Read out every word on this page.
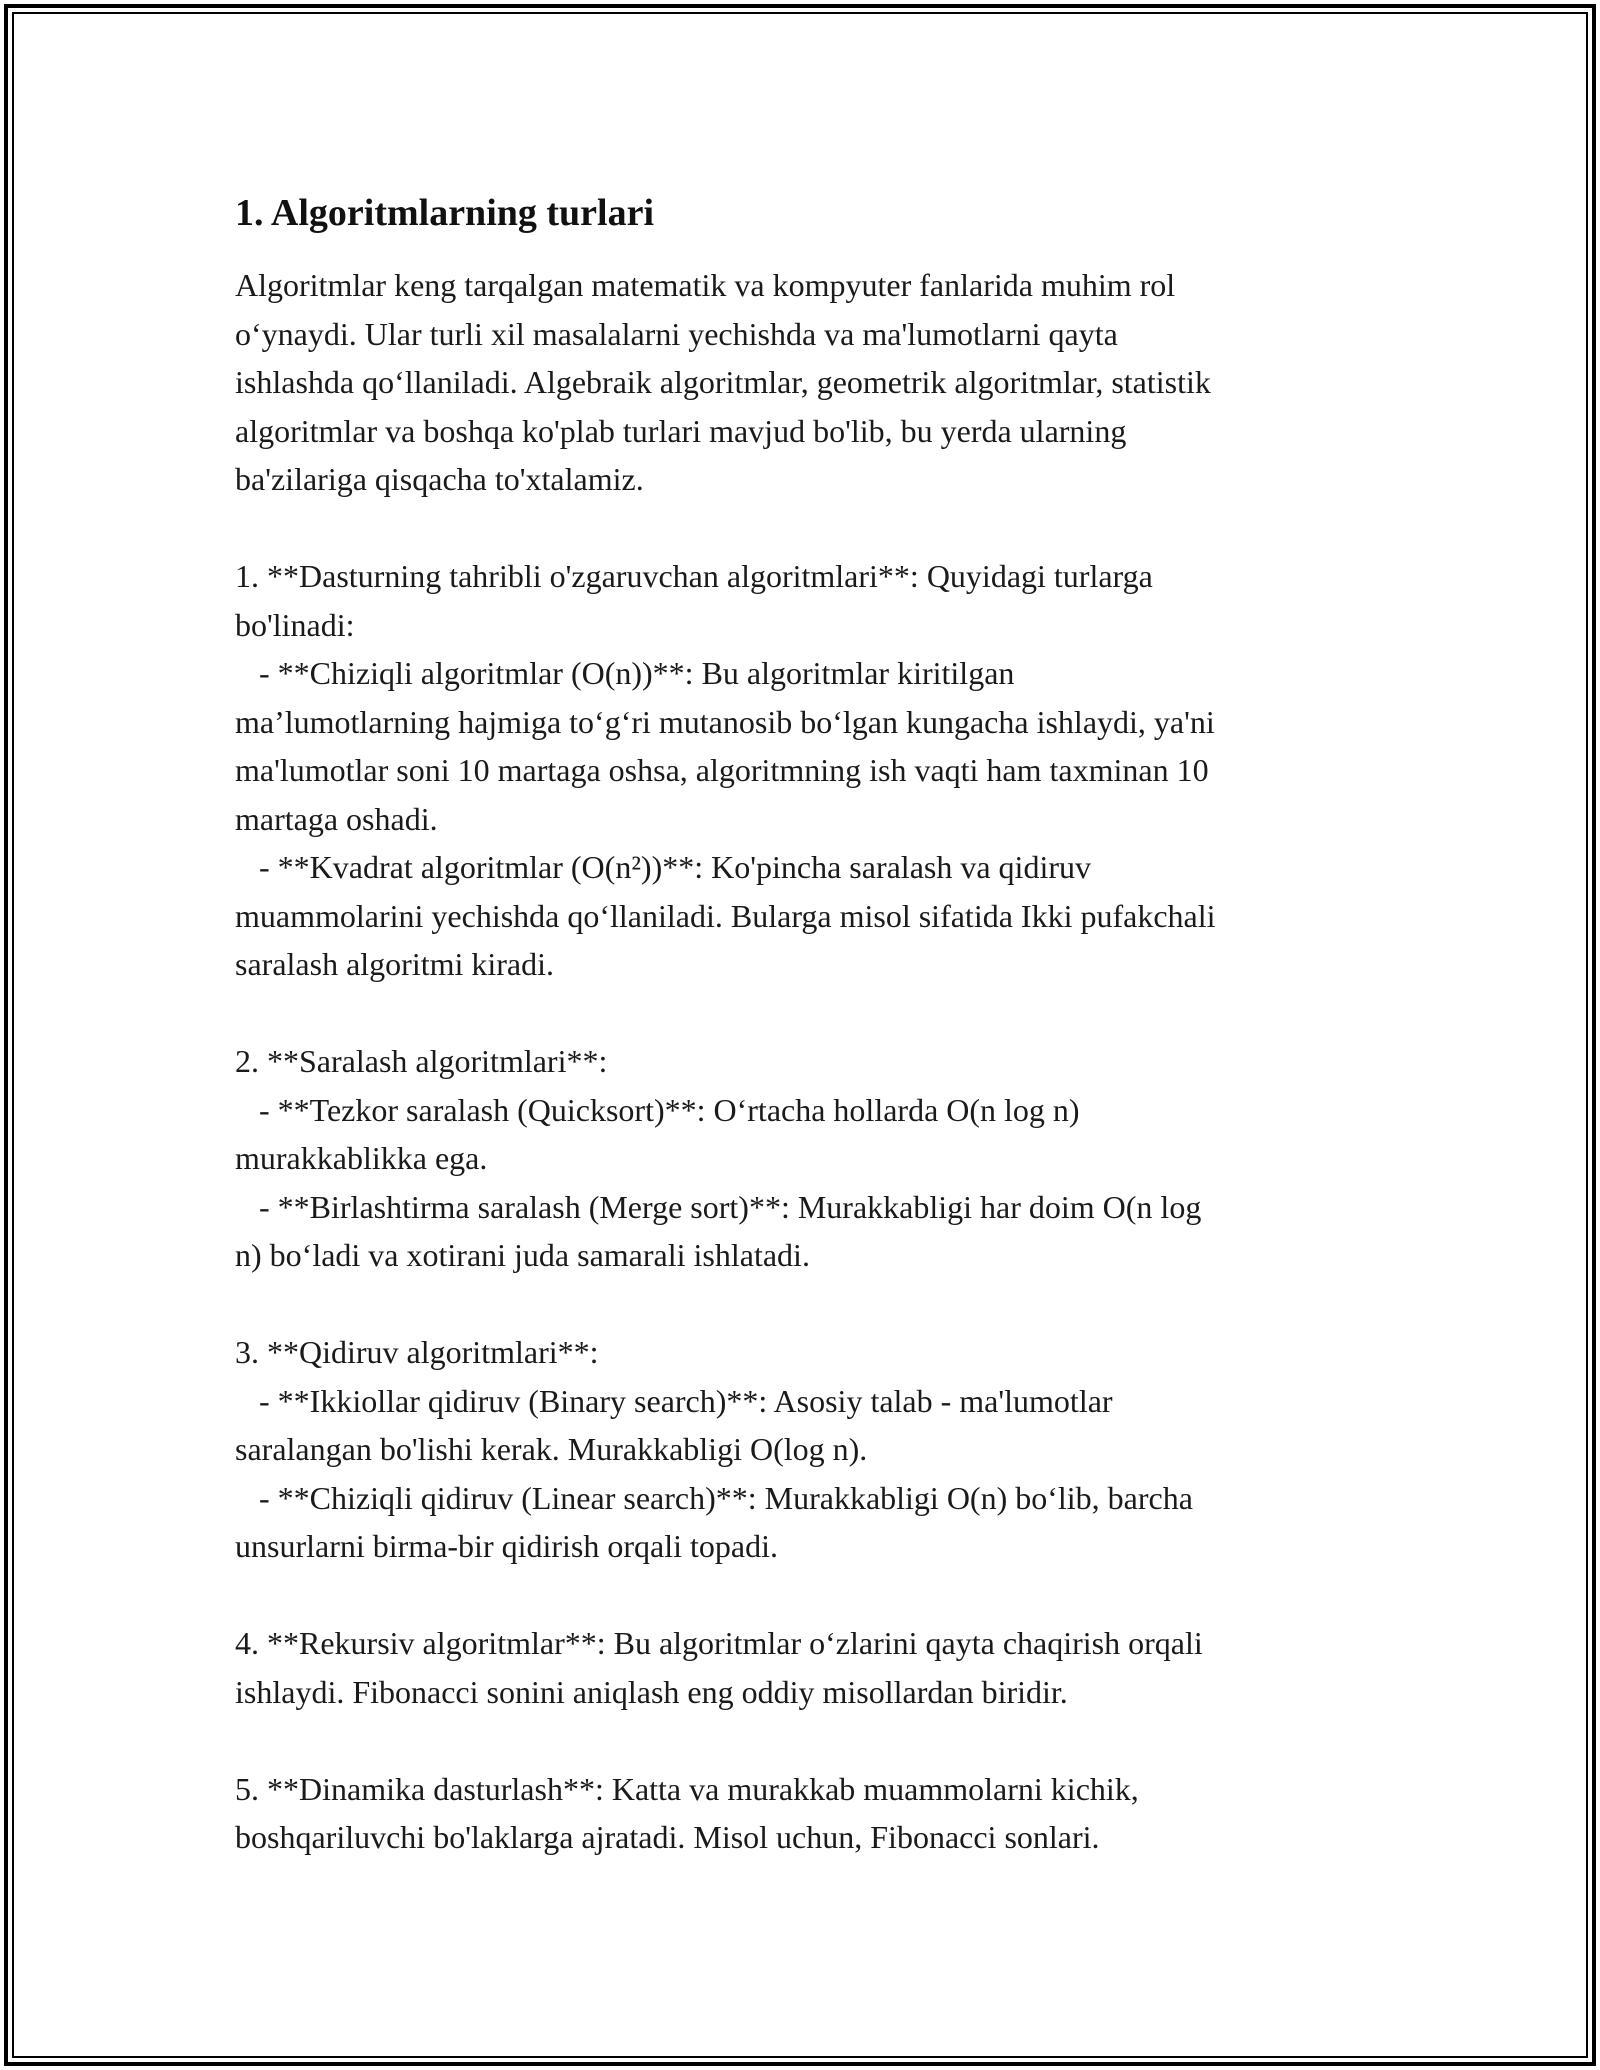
1. Algoritmlarning turlari
Algoritmlar keng tarqalgan matematik va kompyuter fanlarida muhim rol
o‘ynaydi. Ular turli xil masalalarni yechishda va ma'lumotlarni qayta
ishlashda qo‘llaniladi. Algebraik algoritmlar, geometrik algoritmlar, statistik
algoritmlar va boshqa ko'plab turlari mavjud bo'lib, bu yerda ularning
ba'zilariga qisqacha to'xtalamiz.
1. **Dasturning tahribli o'zgaruvchan algoritmlari**: Quyidagi turlarga
bo'linadi:
- **Chiziqli algoritmlar (O(n))**: Bu algoritmlar kiritilgan
ma’lumotlarning hajmiga to‘g‘ri mutanosib bo‘lgan kungacha ishlaydi, ya'ni
ma'lumotlar soni 10 martaga oshsa, algoritmning ish vaqti ham taxminan 10
martaga oshadi.
- **Kvadrat algoritmlar (O(n²))**: Ko'pincha saralash va qidiruv
muammolarini yechishda qo‘llaniladi. Bularga misol sifatida Ikki pufakchali
saralash algoritmi kiradi.
2. **Saralash algoritmlari**:
- **Tezkor saralash (Quicksort)**: O‘rtacha hollarda O(n log n)
murakkablikka ega.
- **Birlashtirma saralash (Merge sort)**: Murakkabligi har doim O(n log
n) bo‘ladi va xotirani juda samarali ishlatadi.
3. **Qidiruv algoritmlari**:
- **Ikkiollar qidiruv (Binary search)**: Asosiy talab - ma'lumotlar
saralangan bo'lishi kerak. Murakkabligi O(log n).
- **Chiziqli qidiruv (Linear search)**: Murakkabligi O(n) bo‘lib, barcha
unsurlarni birma-bir qidirish orqali topadi.
4. **Rekursiv algoritmlar**: Bu algoritmlar o‘zlarini qayta chaqirish orqali
ishlaydi. Fibonacci sonini aniqlash eng oddiy misollardan biridir.
5. **Dinamika dasturlash**: Katta va murakkab muammolarni kichik,
boshqariluvchi bo'laklarga ajratadi. Misol uchun, Fibonacci sonlari.
